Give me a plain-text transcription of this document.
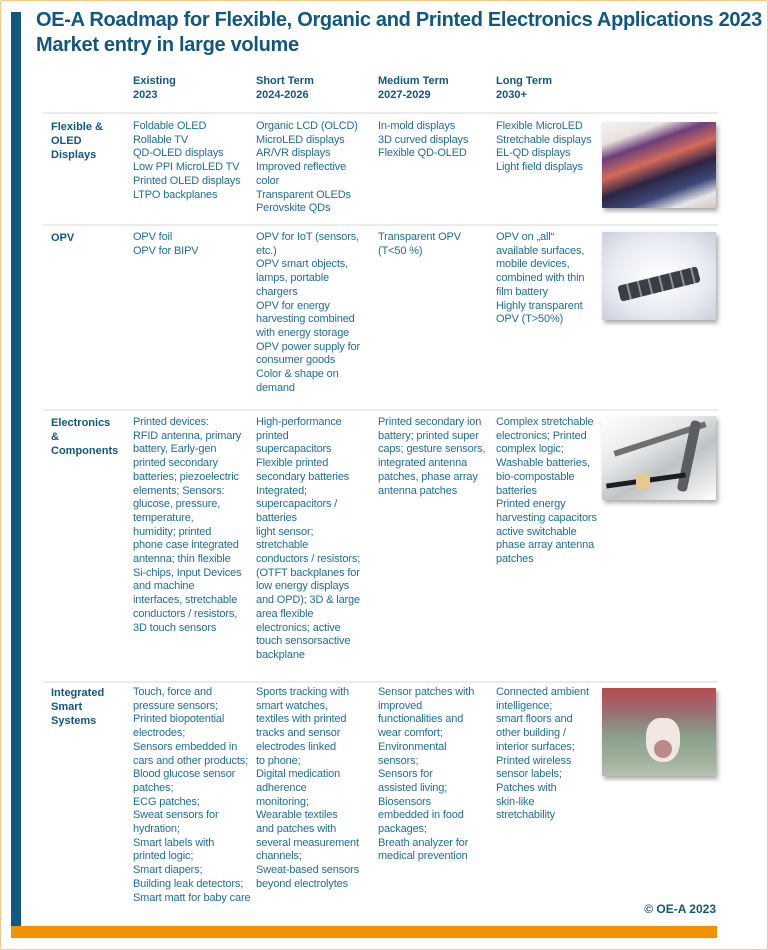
OE-A Roadmap for Flexible, Organic and Printed Electronics Applications 2023
Market entry in large volume
Existing
2023
Short Term
2024-2026
Medium Term
2027-2029
Long Term
2030+
Flexible &
OLED
Displays
Foldable OLED
Rollable TV
QD-OLED displays
Low PPI MicroLED TV
Printed OLED displays
LTPO backplanes
Organic LCD (OLCD)
MicroLED displays
AR/VR displays
Improved reflective
color
Transparent OLEDs
Perovskite QDs
In-mold displays
3D curved displays
Flexible QD-OLED
Flexible MicroLED
Stretchable displays
EL-QD displays
Light field displays
OPV	OPV foil
OPV for BIPV
OPV for IoT (sensors,
etc.)
OPV smart objects,
lamps, portable
chargers
OPV for energy
harvesting combined
with energy storage
OPV power supply for
consumer goods
Color & shape on
demand
Transparent OPV
(T<50 %)
OPV on „all“
available surfaces,
mobile devices,
combined with thin
film battery
Highly transparent
OPV (T>50%)
Electronics &
Components
Printed devices:
RFID antenna, primary
battery, Early-gen
printed secondary
batteries; piezoelectric
elements; Sensors:
glucose, pressure,
temperature,
humidity; printed
phone case integrated
antenna; thin flexible
Si-chips, Input Devices
and machine
interfaces, stretchable
conductors / resistors,
3D touch sensors
High-performance
printed
supercapacitors
Flexible printed
secondary batteries
Integrated;
supercapacitors /
batteries
light sensor;
stretchable
conductors / resistors;
(OTFT backplanes for
low energy displays
and OPD); 3D & large
area flexible
electronics; active
touch sensorsactive
backplane
Printed secondary ion
battery; printed super
caps; gesture sensors,
integrated antenna
patches, phase array
antenna patches
Complex stretchable
electronics; Printed
complex logic;
Washable batteries,
bio-compostable
batteries
Printed energy
harvesting capacitors
active switchable
phase array antenna
patches
Integrated
Smart
Systems
Touch, force and
pressure sensors;
Printed biopotential
electrodes;
Sensors embedded in
cars and other products;
Blood glucose sensor
patches;
ECG patches;
Sweat sensors for
hydration;
Smart labels with
printed logic;
Smart diapers;
Building leak detectors;
Smart matt for baby care
Sports tracking with
smart watches,
textiles with printed
tracks and sensor
electrodes linked
to phone;
Digital medication
adherence
monitoring;
Wearable textiles
and patches with
several measurement
channels;
Sweat-based sensors
beyond electrolytes
Sensor patches with
improved
functionalities and
wear comfort;
Environmental
sensors;
Sensors for
assisted living;
Biosensors
embedded in food
packages;
Breath analyzer for
medical prevention
Connected ambient
intelligence;
smart floors and
other building /
interior surfaces;
Printed wireless
sensor labels;
Patches with
skin-like
stretchability
© OE-A 2023
